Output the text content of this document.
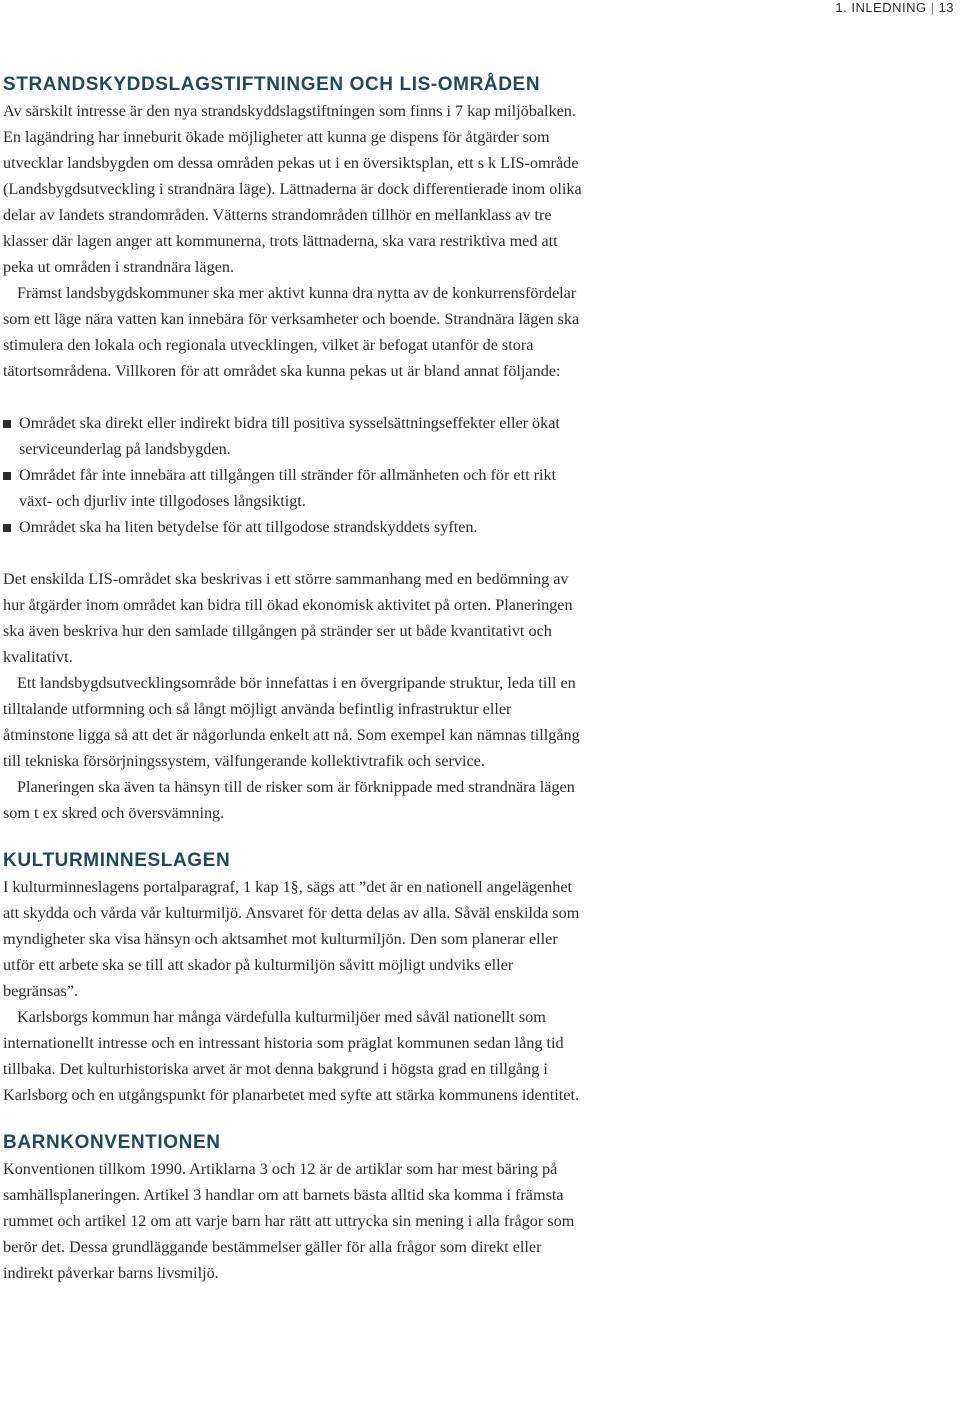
1. INLEDNING | 13
STRANDSKYDDSLAGSTIFTNINGEN OCH LIS-OMRÅDEN

Av särskilt intresse är den nya strandskyddslagstiftningen som finns i 7 kap miljöbalken. En lagändring har inneburit ökade möjligheter att kunna ge dispens för åtgärder som utvecklar landsbygden om dessa områden pekas ut i en översiktsplan, ett s k LIS-område (Landsbygdsutveckling i strandnära läge). Lättnaderna är dock differentierade inom olika delar av landets strandområden. Vätterns strandområden tillhör en mellanklass av tre klasser där lagen anger att kommunerna, trots lättnaderna, ska vara restriktiva med att peka ut områden i strandnära lägen.

Främst landsbygdskommuner ska mer aktivt kunna dra nytta av de konkurrensfördelar som ett läge nära vatten kan innebära för verksamheter och boende. Strandnära lägen ska stimulera den lokala och regionala utvecklingen, vilket är befogat utanför de stora tätortsområdena. Villkoren för att området ska kunna pekas ut är bland annat följande:

Området ska direkt eller indirekt bidra till positiva sysselsättningseffekter eller ökat serviceunderlag på landsbygden.
Området får inte innebära att tillgången till stränder för allmänheten och för ett rikt växt- och djurliv inte tillgodoses långsiktigt.
Området ska ha liten betydelse för att tillgodose strandskyddets syften.

Det enskilda LIS-området ska beskrivas i ett större sammanhang med en bedömning av hur åtgärder inom området kan bidra till ökad ekonomisk aktivitet på orten. Planeringen ska även beskriva hur den samlade tillgången på stränder ser ut både kvantitativt och kvalitativt.

Ett landsbygdsutvecklingsområde bör innefattas i en övergripande struktur, leda till en tilltalande utformning och så långt möjligt använda befintlig infrastruktur eller åtminstone ligga så att det är någorlunda enkelt att nå. Som exempel kan nämnas tillgång till tekniska försörjningssystem, välfungerande kollektivtrafik och service.

Planeringen ska även ta hänsyn till de risker som är förknippade med strandnära lägen som t ex skred och översvämning.

KULTURMINNESLAGEN

I kulturminneslagens portalparagraf, 1 kap 1§, sägs att ”det är en nationell angelägenhet att skydda och vårda vår kulturmiljö. Ansvaret för detta delas av alla. Såväl enskilda som myndigheter ska visa hänsyn och aktsamhet mot kulturmiljön. Den som planerar eller utför ett arbete ska se till att skador på kulturmiljön såvitt möjligt undviks eller begränsas”.

Karlsborgs kommun har många värdefulla kulturmiljöer med såväl nationellt som internationellt intresse och en intressant historia som präglat kommunen sedan lång tid tillbaka. Det kulturhistoriska arvet är mot denna bakgrund i högsta grad en tillgång i Karlsborg och en utgångspunkt för planarbetet med syfte att stärka kommunens identitet.

BARNKONVENTIONEN

Konventionen tillkom 1990. Artiklarna 3 och 12 är de artiklar som har mest bäring på samhällsplaneringen. Artikel 3 handlar om att barnets bästa alltid ska komma i främsta rummet och artikel 12 om att varje barn har rätt att uttrycka sin mening i alla frågor som berör det. Dessa grundläggande bestämmelser gäller för alla frågor som direkt eller indirekt påverkar barns livsmiljö.
